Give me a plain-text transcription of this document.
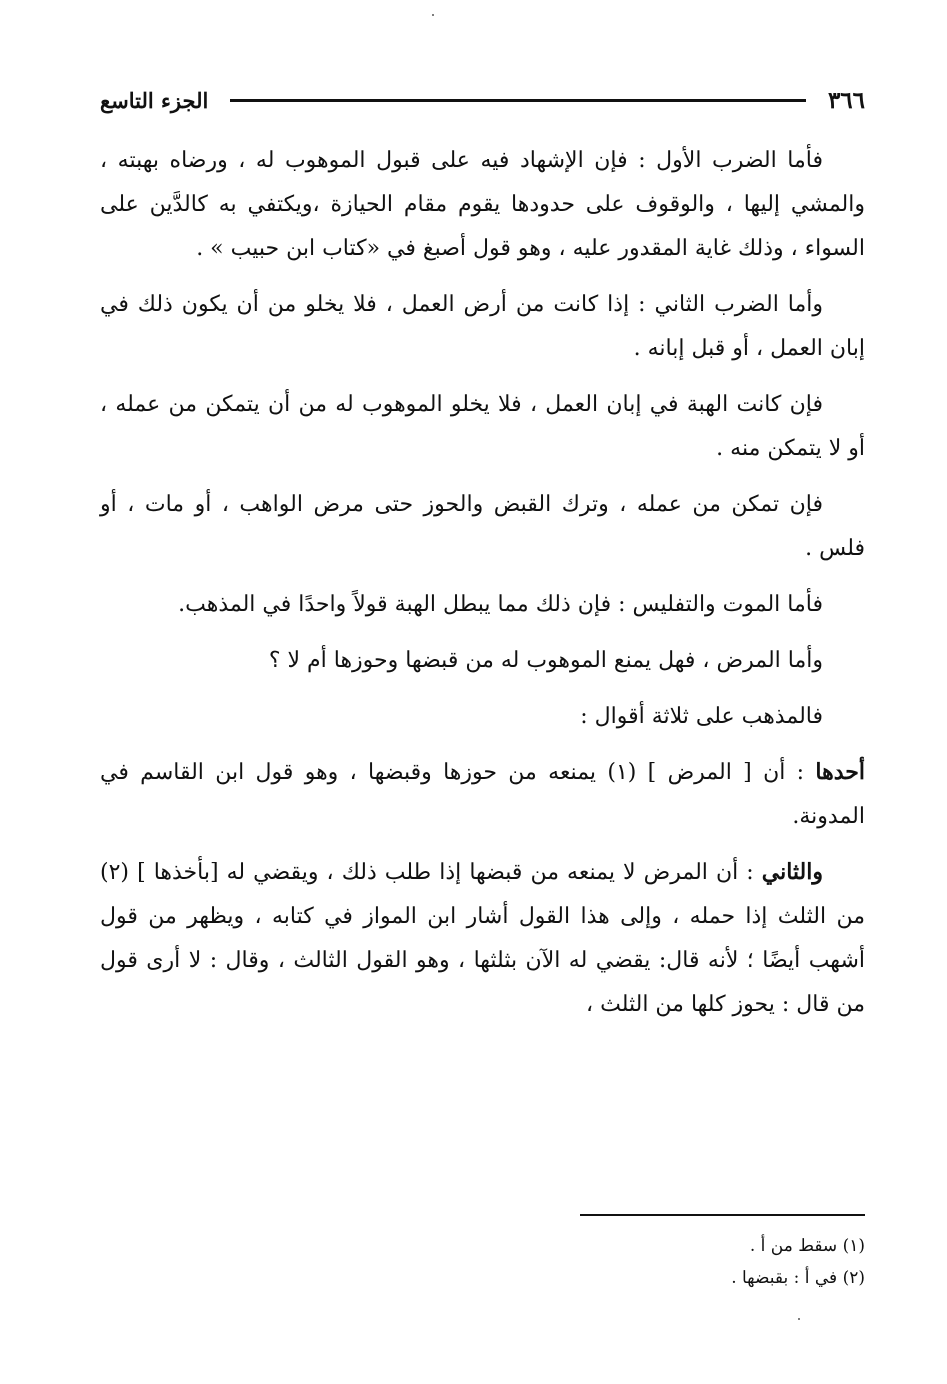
الجزء التاسع	٣٦٦

فأما الضرب الأول : فإن الإشهاد فيه على قبول الموهوب له ، ورضاه بهبته ، والمشي إليها ، والوقوف على حدودها يقوم مقام الحيازة ،ويكتفي به كالدَّين على السواء ، وذلك غاية المقدور عليه ، وهو قول أصبغ في «كتاب ابن حبيب » .

وأما الضرب الثاني : إذا كانت من أرض العمل ، فلا يخلو من أن يكون ذلك في إبان العمل ، أو قبل إبانه .

فإن كانت الهبة في إبان العمل ، فلا يخلو الموهوب له من أن يتمكن من عمله ، أو لا يتمكن منه .

فإن تمكن من عمله ، وترك القبض والحوز حتى مرض الواهب ، أو مات ، أو فلس .

فأما الموت والتفليس : فإن ذلك مما يبطل الهبة قولاً واحدًا في المذهب.

وأما المرض ، فهل يمنع الموهوب له من قبضها وحوزها أم لا ؟

فالمذهب على ثلاثة أقوال :

أحدها : أن [ المرض ] (١) يمنعه من حوزها وقبضها ، وهو قول ابن القاسم في المدونة.

والثاني : أن المرض لا يمنعه من قبضها إذا طلب ذلك ، ويقضي له [بأخذها ] (٢) من الثلث إذا حمله ، وإلى هذا القول أشار ابن المواز في كتابه ، ويظهر من قول أشهب أيضًا ؛ لأنه قال: يقضي له الآن بثلثها ، وهو القول الثالث ، وقال : لا أرى قول من قال : يحوز كلها من الثلث ،

(١) سقط من أ .
(٢) في أ : بقبضها .
